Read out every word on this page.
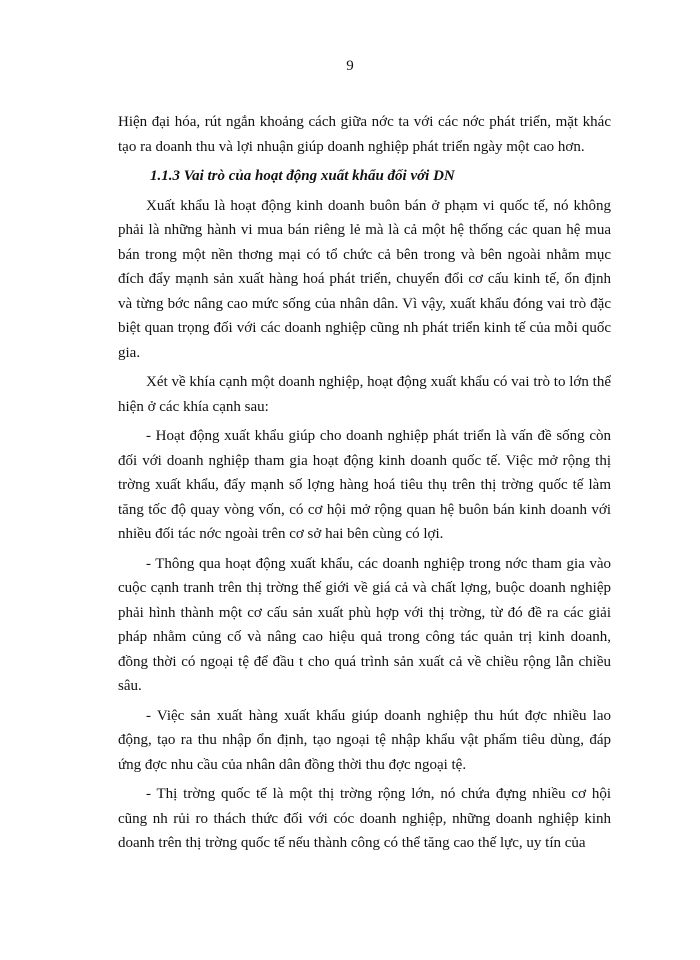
9

Hiện đại hóa, rút ngắn khoảng cách giữa nớc ta với các nớc phát triển, mặt khác tạo ra doanh thu và lợi nhuận giúp doanh nghiệp phát triển ngày một cao hơn.

1.1.3 Vai trò của hoạt động xuất khẩu đối với DN

Xuất khẩu là hoạt động kinh doanh buôn bán ở phạm vi quốc tế, nó không phải là những hành vi mua bán riêng lẻ mà là cả một hệ thống các quan hệ mua bán trong một nền thơng mại có tổ chức cả bên trong và bên ngoài nhằm mục đích đẩy mạnh sản xuất hàng hoá phát triển, chuyển đổi cơ cấu kinh tế, ổn định và từng bớc nâng cao mức sống của nhân dân. Vì vậy, xuất khẩu đóng vai trò đặc biệt quan trọng đối với các doanh nghiệp cũng nh phát triển kinh tế của mỗi quốc gia.

Xét về khía cạnh một doanh nghiệp, hoạt động xuất khẩu có vai trò to lớn thể hiện ở các khía cạnh sau:

- Hoạt động xuất khẩu giúp cho doanh nghiệp phát triển là vấn đề sống còn đối với doanh nghiệp tham gia hoạt động kinh doanh quốc tế. Việc mở rộng thị trờng xuất khẩu, đẩy mạnh số lợng hàng hoá tiêu thụ trên thị trờng quốc tế làm tăng tốc độ quay vòng vốn, có cơ hội mở rộng quan hệ buôn bán kinh doanh với nhiều đối tác nớc ngoài trên cơ sở hai bên cùng có lợi.

- Thông qua hoạt động xuất khẩu, các doanh nghiệp trong nớc tham gia vào cuộc cạnh tranh trên thị trờng thế giới về giá cả và chất lợng, buộc doanh nghiệp phải hình thành một cơ cấu sản xuất phù hợp với thị trờng, từ đó đề ra các giải pháp nhằm củng cố và nâng cao hiệu quả trong công tác quản trị kinh doanh, đồng thời có ngoại tệ để đầu t cho quá trình sản xuất cả về chiều rộng lẫn chiều sâu.

- Việc sản xuất hàng xuất khẩu giúp doanh nghiệp thu hút đợc nhiều lao động, tạo ra thu nhập ổn định, tạo ngoại tệ nhập khẩu vật phẩm tiêu dùng, đáp ứng đợc nhu cầu của nhân dân đồng thời thu đợc ngoại tệ.

- Thị trờng quốc tế là một thị trờng rộng lớn, nó chứa đựng nhiều cơ hội cũng nh rủi ro thách thức đối với cóc doanh nghiệp, những doanh nghiệp kinh doanh trên thị trờng quốc tế nếu thành công có thể tăng cao thế lực, uy tín của
